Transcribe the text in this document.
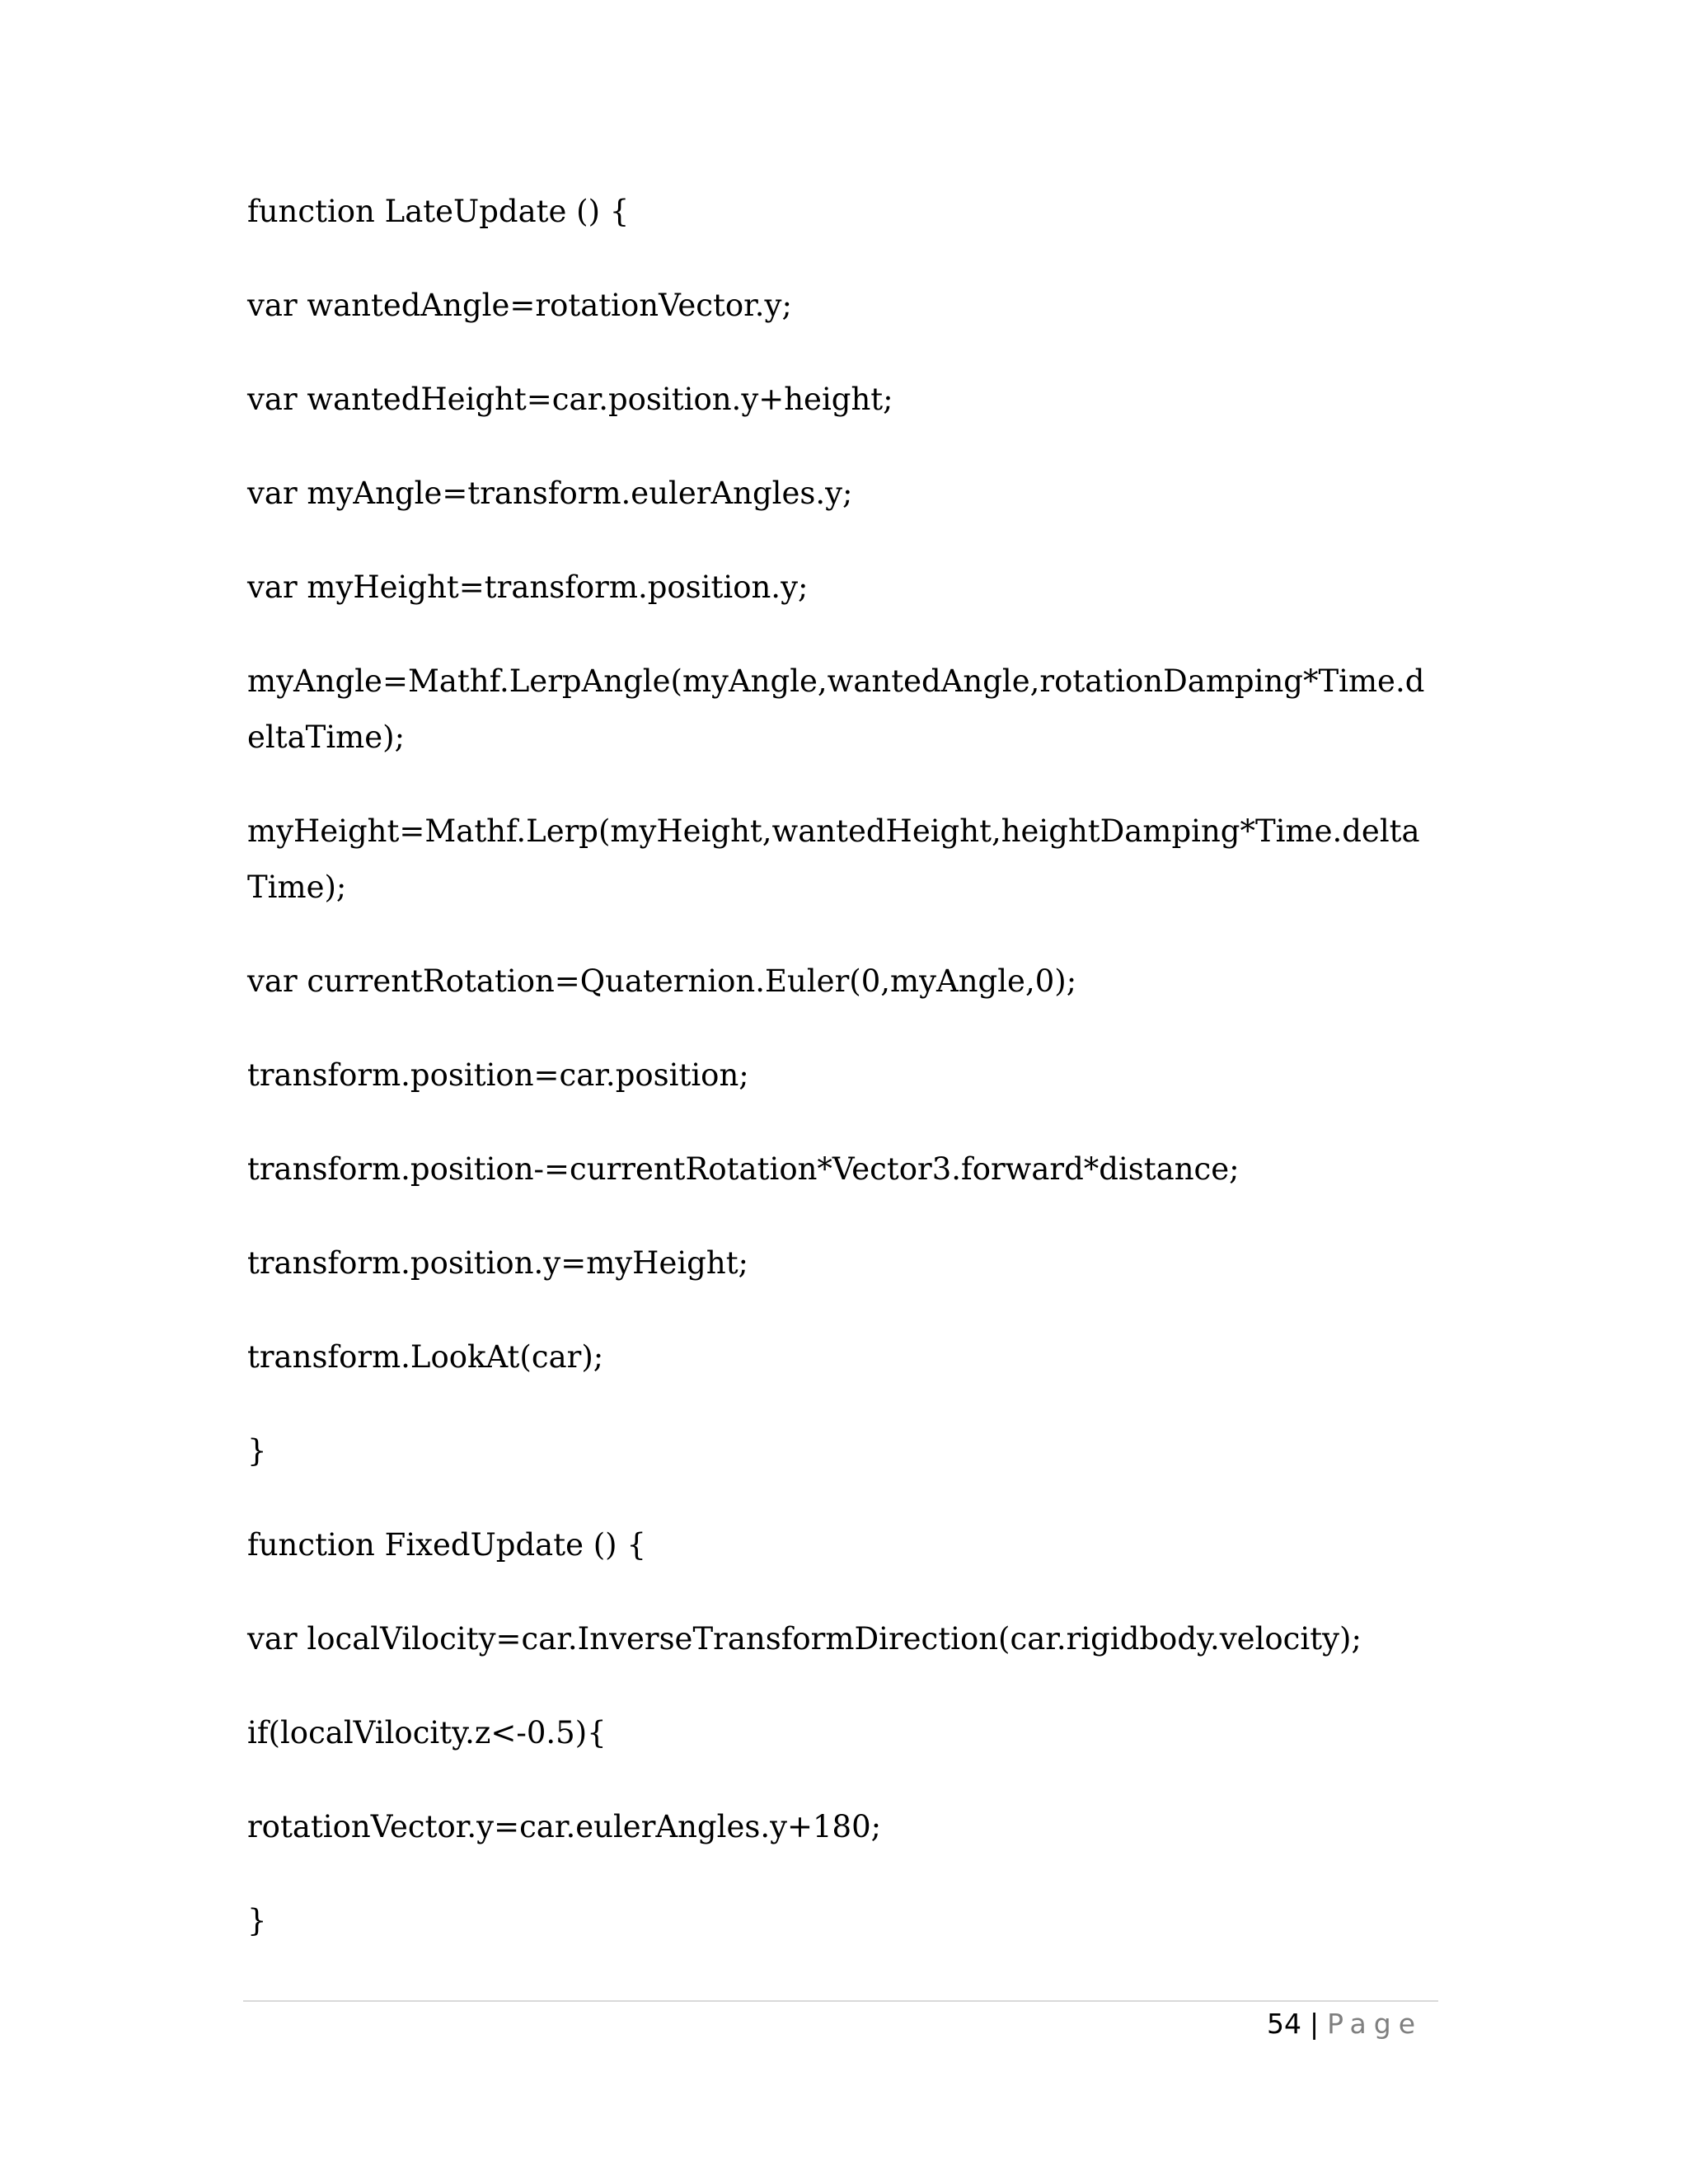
function LateUpdate () {
var wantedAngle=rotationVector.y;
var wantedHeight=car.position.y+height;
var myAngle=transform.eulerAngles.y;
var myHeight=transform.position.y;
myAngle=Mathf.LerpAngle(myAngle,wantedAngle,rotationDamping*Time.deltaTime);
myHeight=Mathf.Lerp(myHeight,wantedHeight,heightDamping*Time.deltaTime);
var currentRotation=Quaternion.Euler(0,myAngle,0);
transform.position=car.position;
transform.position-=currentRotation*Vector3.forward*distance;
transform.position.y=myHeight;
transform.LookAt(car);
}
function FixedUpdate () {
var localVilocity=car.InverseTransformDirection(car.rigidbody.velocity);
if(localVilocity.z<-0.5){
rotationVector.y=car.eulerAngles.y+180;
}
54 | Page
